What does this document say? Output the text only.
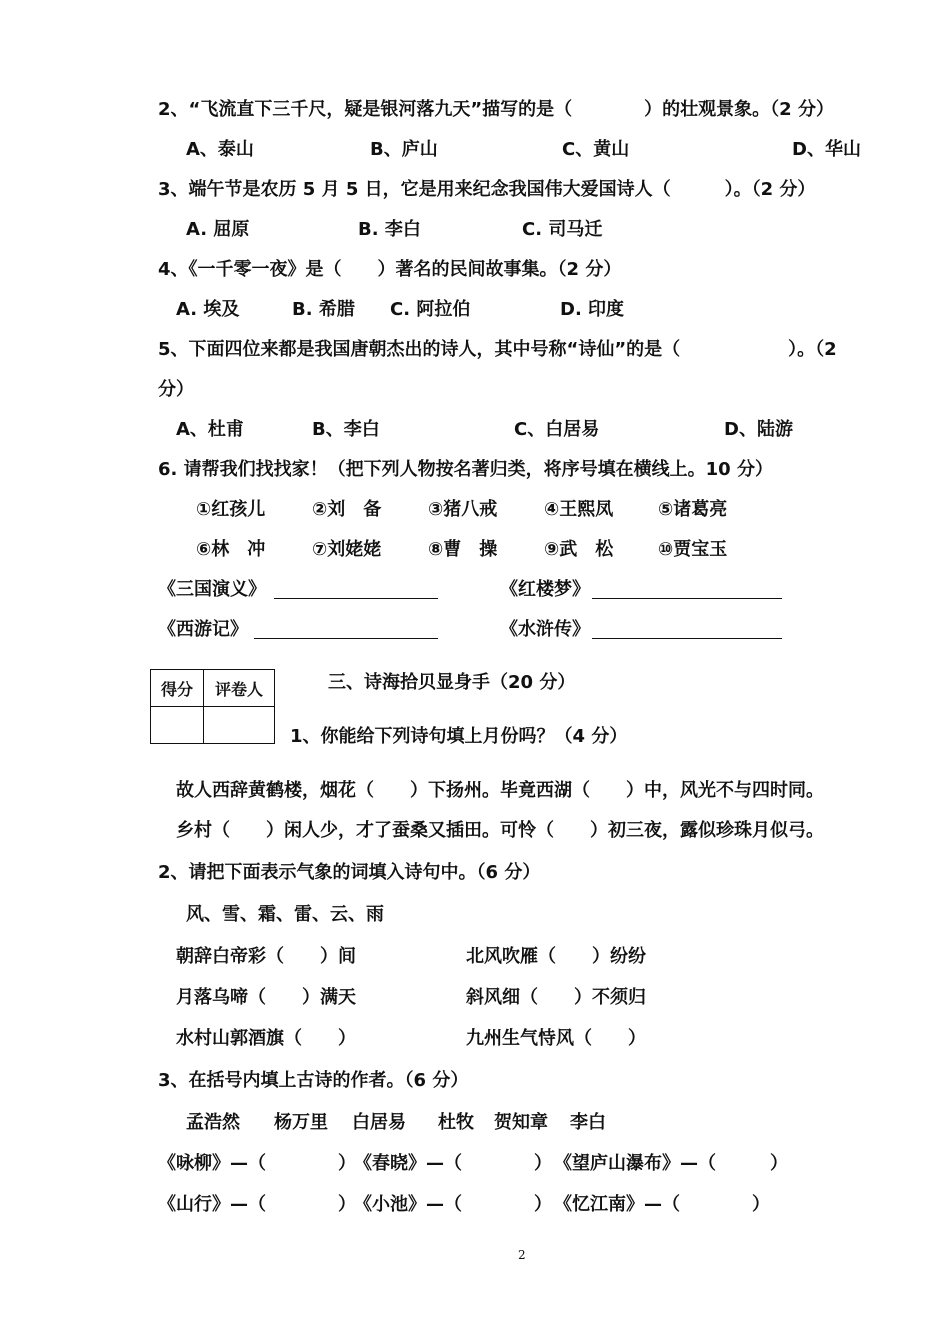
2、“飞流直下三千尺，疑是银河落九天”描写的是（　　　　）的壮观景象。（2 分）
A、泰山	B、庐山	C、黄山	D、华山
3、端午节是农历 5 月 5 日，它是用来纪念我国伟大爱国诗人（　　　）。（2 分）
A. 屈原	B. 李白	C. 司马迁
4、《一千零一夜》是（　　）著名的民间故事集。（2 分）
A. 埃及	B. 希腊 C. 阿拉伯	D. 印度
5、下面四位来都是我国唐朝杰出的诗人，其中号称“诗仙”的是（　　　　　　）。（2
分）
A、杜甫	B、李白	C、白居易	D、陆游
6. 请帮我们找找家！（把下列人物按名著归类，将序号填在横线上。10 分）
①红孩儿	②刘　备	③猪八戒	④王熙凤 ⑤诸葛亮
⑥林　冲	⑦刘姥姥	⑧曹　操	⑨武　松 ⑩贾宝玉
《三国演义》	《红楼梦》
《西游记》	《水浒传》
得分	评卷人
		三、诗海拾贝显身手（20 分）
1、你能给下列诗句填上月份吗？（4 分）
故人西辞黄鹤楼，烟花（　　）下扬州。毕竟西湖（　　）中，风光不与四时同。
乡村（　　）闲人少，才了蚕桑又插田。可怜（　　）初三夜，露似珍珠月似弓。
2、请把下面表示气象的词填入诗句中。（6 分）
风、雪、霜、雷、云、雨
朝辞白帝彩（　　）间	北风吹雁（　　）纷纷
月落乌啼（　　）满天	斜风细（　　）不须归
水村山郭酒旗（　　）	九州生气恃风（　　）
3、在括号内填上古诗的作者。（6 分）
孟浩然 杨万里 白居易 杜牧 贺知章 李白
《咏柳》—（　　　　）
《春晓》—（　　　　） 《望庐山瀑布》—（　　　）
《山行》—（　　　　）
《小池》—（　　　　） 《忆江南》—（　　　　）
2
